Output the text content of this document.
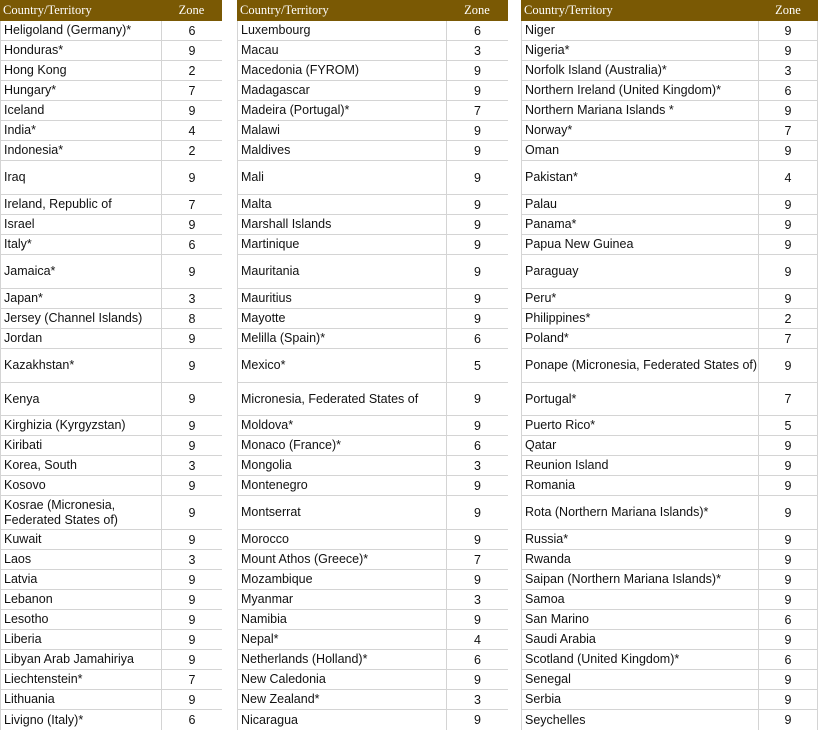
Country/Territory	Zone
Heligoland (Germany)*	6
Honduras*	9
Hong Kong	2
Hungary*	7
Iceland	9
India*	4
Indonesia*	2
Iraq	9
Ireland, Republic of	7
Israel	9
Italy*	6
Jamaica*	9
Japan*	3
Jersey (Channel Islands)	8
Jordan	9
Kazakhstan*	9
Kenya	9
Kirghizia (Kyrgyzstan)	9
Kiribati	9
Korea, South	3
Kosovo	9
Kosrae (Micronesia, Federated States of)	9
Kuwait	9
Laos	3
Latvia	9
Lebanon	9
Lesotho	9
Liberia	9
Libyan Arab Jamahiriya	9
Liechtenstein*	7
Lithuania	9
Livigno (Italy)*	6
Country/Territory	Zone
Luxembourg	6
Macau	3
Macedonia (FYROM)	9
Madagascar	9
Madeira (Portugal)*	7
Malawi	9
Maldives	9
Mali	9
Malta	9
Marshall Islands	9
Martinique	9
Mauritania	9
Mauritius	9
Mayotte	9
Melilla (Spain)*	6
Mexico*	5
Micronesia, Federated States of	9
Moldova*	9
Monaco (France)*	6
Mongolia	3
Montenegro	9
Montserrat	9
Morocco	9
Mount Athos (Greece)*	7
Mozambique	9
Myanmar	3
Namibia	9
Nepal*	4
Netherlands (Holland)*	6
New Caledonia	9
New Zealand*	3
Nicaragua	9
Country/Territory	Zone
Niger	9
Nigeria*	9
Norfolk Island (Australia)*	3
Northern Ireland (United Kingdom)*	6
Northern Mariana Islands *	9
Norway*	7
Oman	9
Pakistan*	4
Palau	9
Panama*	9
Papua New Guinea	9
Paraguay	9
Peru*	9
Philippines*	2
Poland*	7
Ponape (Micronesia, Federated States of)	9
Portugal*	7
Puerto Rico*	5
Qatar	9
Reunion Island	9
Romania	9
Rota (Northern Mariana Islands)*	9
Russia*	9
Rwanda	9
Saipan (Northern Mariana Islands)*	9
Samoa	9
San Marino	6
Saudi Arabia	9
Scotland (United Kingdom)*	6
Senegal	9
Serbia	9
Seychelles	9
